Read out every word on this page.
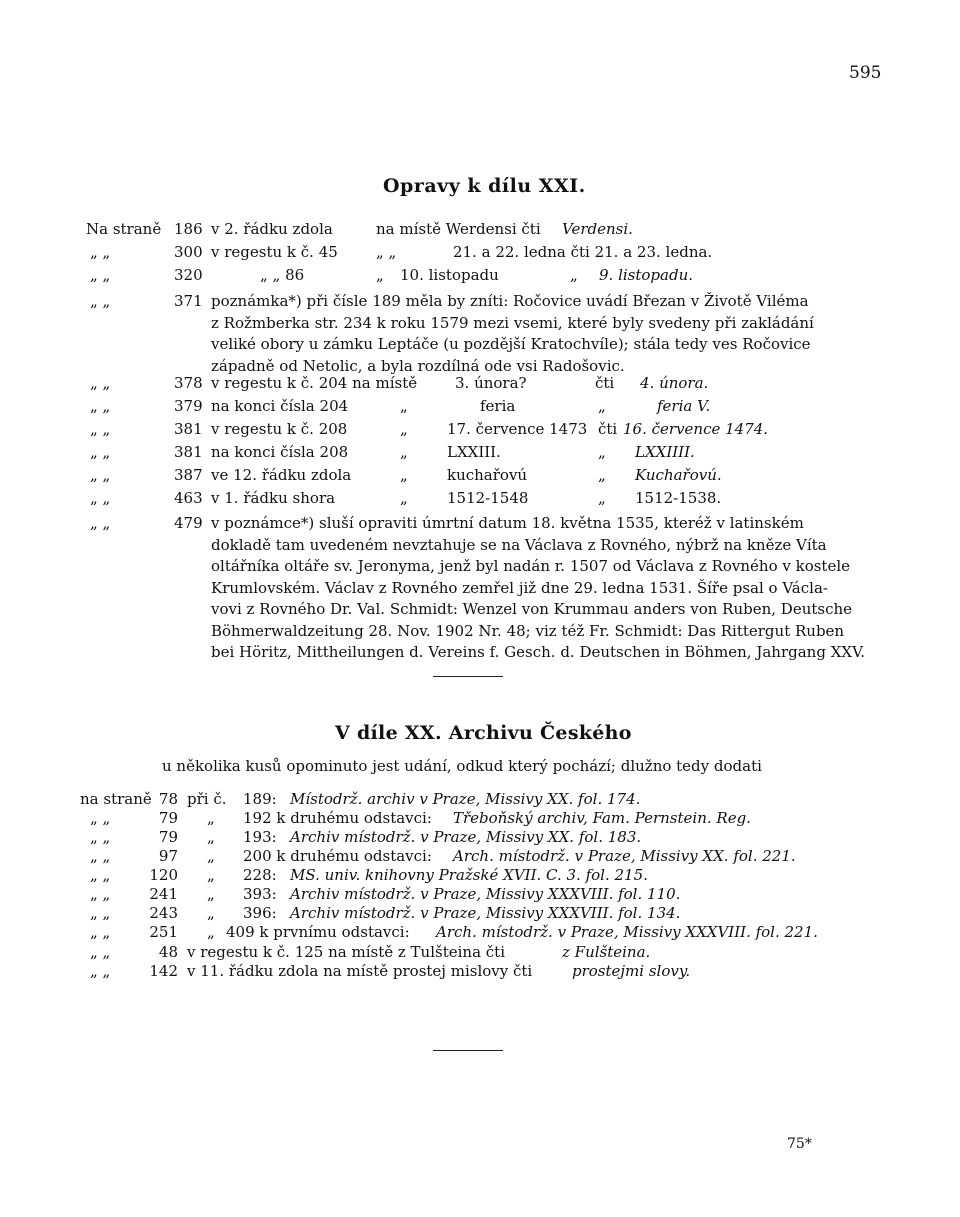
595
Opravy k dílu XXI.
Na straně 186 v 2. řádku zdola	na místě Werdensi čti Verdensi.
„ „	300 v regestu k č. 45	„ „	21. a 22. ledna čti 21. a 23. ledna.
„ „	320	„ „ 86	„ 10. listopadu	„ 9. listopadu.
„ „	371 poznámka*) při čísle 189 měla by zníti: Ročovice uvádí Březan v Životě Viléma
z Rožmberka str. 234 k roku 1579 mezi vsemi, které byly svedeny při zakládání
veliké obory u zámku Leptáče (u pozdější Kratochvíle); stála tedy ves Ročovice
západně od Netolic, a byla rozdílná ode vsi Radošovic.
„ „	378 v regestu k č. 204 na místě	3. února?	čti 4. února.
„ „	379 na konci čísla 204	„	feria	„	feria V.
„ „	381 v regestu k č. 208	„	17. července 1473 čti 16. července 1474.
„ „	381 na konci čísla 208	„	LXXIII.	„ LXXIIII.
„ „	387 ve 12. řádku zdola	„	kuchařovú	„ Kuchařovú.
„ „	463 v 1. řádku shora	„	1512-1548	„ 1512-1538.
„ „	479 v poznámce*) sluší opraviti úmrtní datum 18. května 1535, kteréž v latinském
dokladě tam uvedeném nevztahuje se na Václava z Rovného, nýbrž na kněze Víta
oltářníka oltáře sv. Jeronyma, jenž byl nadán r. 1507 od Václava z Rovného v kostele
Krumlovském. Václav z Rovného zemřel již dne 29. ledna 1531. Šíře psal o Václa-
vovi z Rovného Dr. Val. Schmidt: Wenzel von Krummau anders von Ruben, Deutsche
Böhmerwaldzeitung 28. Nov. 1902 Nr. 48; viz též Fr. Schmidt: Das Rittergut Ruben
bei Höritz, Mittheilungen d. Vereins f. Gesch. d. Deutschen in Böhmen, Jahrgang XXV.
V díle XX. Archivu Českého
u několika kusů opominuto jest udání, odkud který pochází; dlužno tedy dodati
na straně 78 při č. 189: Místodrž. archiv v Praze, Missivy XX. fol. 174.
„ „	79 „ 192 k druhému odstavci: Třeboňský archiv, Fam. Pernstein. Reg.
„ „	79 „ 193: Archiv místodrž. v Praze, Missivy XX. fol. 183.
„ „	97 „ 200 k druhému odstavci: Arch. místodrž. v Praze, Missivy XX. fol. 221.
„ „	120 „ 228: MS. univ. knihovny Pražské XVII. C. 3. fol. 215.
„ „	241 „ 393: Archiv místodrž. v Praze, Missivy XXXVIII. fol. 110.
„ „	243 „ 396: Archiv místodrž. v Praze, Missivy XXXVIII. fol. 134.
„ „	251 „ 409 k prvnímu odstavci: Arch. místodrž. v Praze, Missivy XXXVIII. fol. 221.
„ „	48 v regestu k č. 125 na místě z Tulšteina čti	z Fulšteina.
„ „	142 v 11. řádku zdola na místě prostej mislovy čti	prostejmi slovy.
75*
